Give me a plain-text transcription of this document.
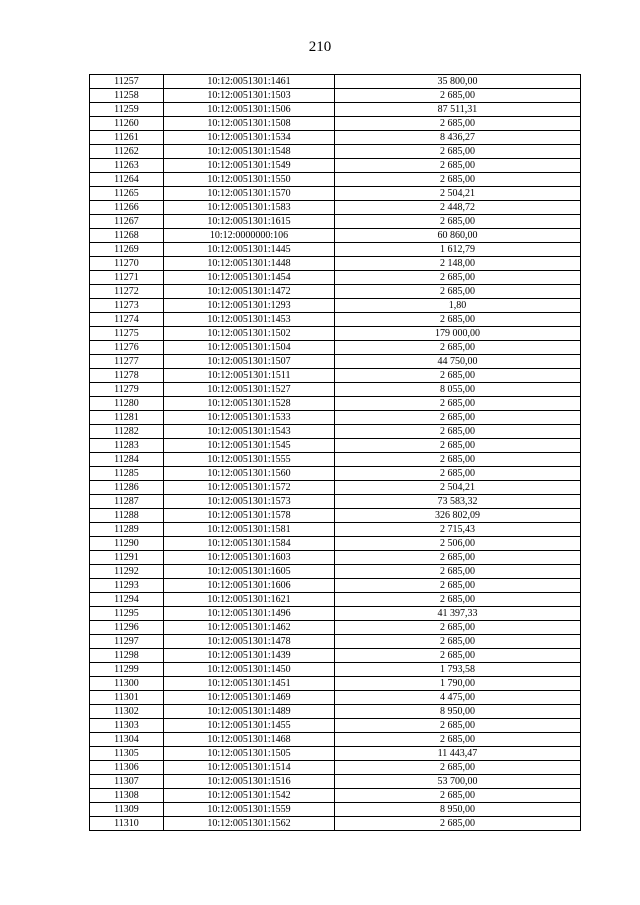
210
11257	10:12:0051301:1461	35 800,00
11258	10:12:0051301:1503	2 685,00
11259	10:12:0051301:1506	87 511,31
11260	10:12:0051301:1508	2 685,00
11261	10:12:0051301:1534	8 436,27
11262	10:12:0051301:1548	2 685,00
11263	10:12:0051301:1549	2 685,00
11264	10:12:0051301:1550	2 685,00
11265	10:12:0051301:1570	2 504,21
11266	10:12:0051301:1583	2 448,72
11267	10:12:0051301:1615	2 685,00
11268	10:12:0000000:106	60 860,00
11269	10:12:0051301:1445	1 612,79
11270	10:12:0051301:1448	2 148,00
11271	10:12:0051301:1454	2 685,00
11272	10:12:0051301:1472	2 685,00
11273	10:12:0051301:1293	1,80
11274	10:12:0051301:1453	2 685,00
11275	10:12:0051301:1502	179 000,00
11276	10:12:0051301:1504	2 685,00
11277	10:12:0051301:1507	44 750,00
11278	10:12:0051301:1511	2 685,00
11279	10:12:0051301:1527	8 055,00
11280	10:12:0051301:1528	2 685,00
11281	10:12:0051301:1533	2 685,00
11282	10:12:0051301:1543	2 685,00
11283	10:12:0051301:1545	2 685,00
11284	10:12:0051301:1555	2 685,00
11285	10:12:0051301:1560	2 685,00
11286	10:12:0051301:1572	2 504,21
11287	10:12:0051301:1573	73 583,32
11288	10:12:0051301:1578	326 802,09
11289	10:12:0051301:1581	2 715,43
11290	10:12:0051301:1584	2 506,00
11291	10:12:0051301:1603	2 685,00
11292	10:12:0051301:1605	2 685,00
11293	10:12:0051301:1606	2 685,00
11294	10:12:0051301:1621	2 685,00
11295	10:12:0051301:1496	41 397,33
11296	10:12:0051301:1462	2 685,00
11297	10:12:0051301:1478	2 685,00
11298	10:12:0051301:1439	2 685,00
11299	10:12:0051301:1450	1 793,58
11300	10:12:0051301:1451	1 790,00
11301	10:12:0051301:1469	4 475,00
11302	10:12:0051301:1489	8 950,00
11303	10:12:0051301:1455	2 685,00
11304	10:12:0051301:1468	2 685,00
11305	10:12:0051301:1505	11 443,47
11306	10:12:0051301:1514	2 685,00
11307	10:12:0051301:1516	53 700,00
11308	10:12:0051301:1542	2 685,00
11309	10:12:0051301:1559	8 950,00
11310	10:12:0051301:1562	2 685,00
